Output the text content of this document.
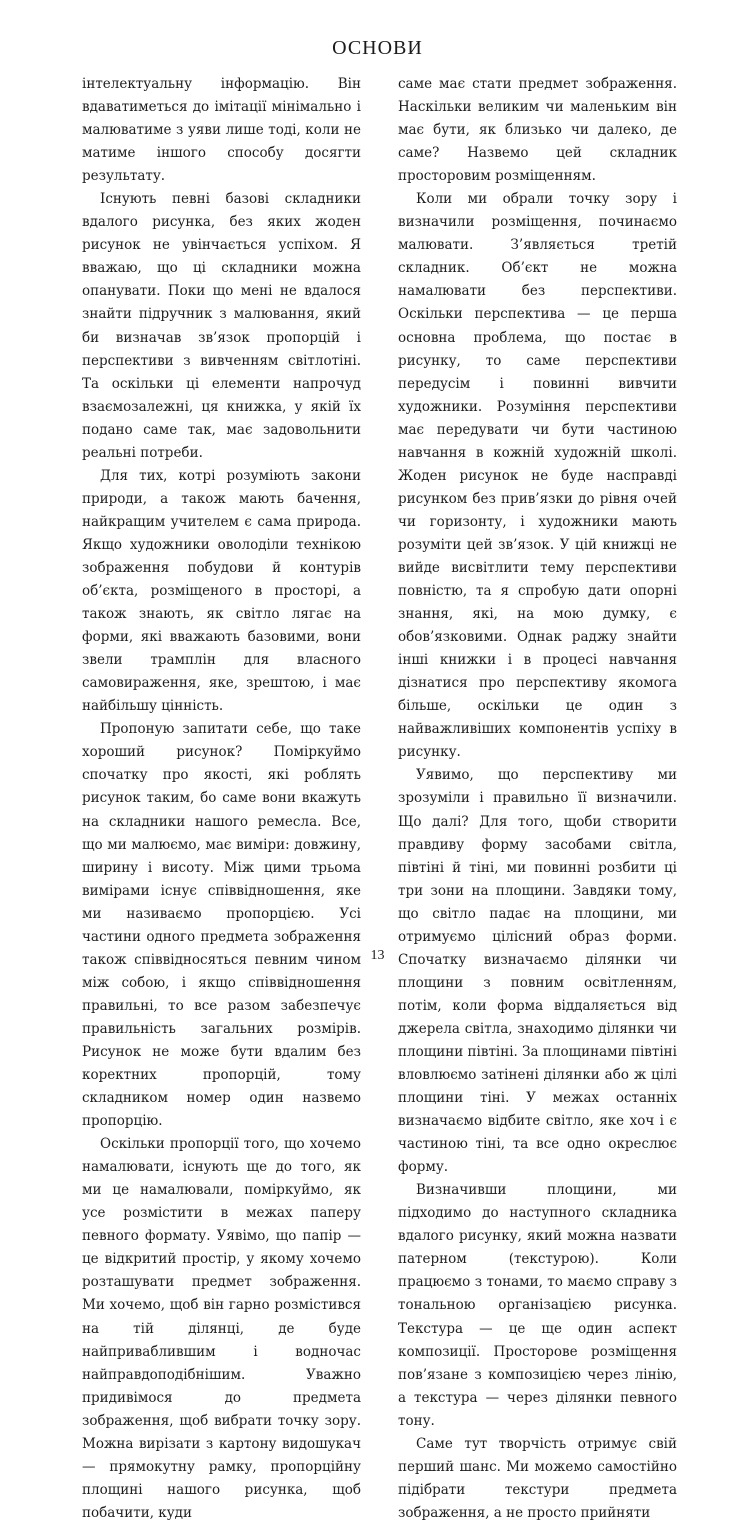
ОСНОВИ

інтелектуальну інформацію. Він вдаватиметься до імітації мінімально і малюватиме з уяви лише тоді, коли не матиме іншого способу досягти результату.

Існують певні базові складники вдалого рисунка, без яких жоден рисунок не увінчається успіхом. Я вважаю, що ці складники можна опанувати. Поки що мені не вдалося знайти підручник з малювання, який би визначав зв’язок пропорцій і перспективи з вивченням світлотіні. Та оскільки ці елементи напрочуд взаємозалежні, ця книжка, у якій їх подано саме так, має задовольнити реальні потреби.

Для тих, котрі розуміють закони природи, а також мають бачення, найкращим учителем є сама природа. Якщо художники оволоділи технікою зображення побудови й контурів об’єкта, розміщеного в просторі, а також знають, як світло лягає на форми, які вважають базовими, вони звели трамплін для власного самовираження, яке, зрештою, і має найбільшу цінність.

Пропоную запитати себе, що таке хороший рисунок? Поміркуймо спочатку про якості, які роблять рисунок таким, бо саме вони вкажуть на складники нашого ремесла. Все, що ми малюємо, має виміри: довжину, ширину і висоту. Між цими трьома вимірами існує співвідношення, яке ми називаємо пропорцією. Усі частини одного предмета зображення також співвідносяться певним чином між собою, і якщо співвідношення правильні, то все разом забезпечує правильність загальних розмірів. Рисунок не може бути вдалим без коректних пропорцій, тому складником номер один назвемо пропорцію.

Оскільки пропорції того, що хочемо намалювати, існують ще до того, як ми це намалювали, поміркуймо, як усе розмістити в межах паперу певного формату. Уявімо, що папір — це відкритий простір, у якому хочемо розташувати предмет зображення. Ми хочемо, щоб він гарно розмістився на тій ділянці, де буде найприваблившим і водночас найправдоподібнішим. Уважно придивімося до предмета зображення, щоб вибрати точку зору. Можна вирізати з картону видошукач — прямокутну рамку, пропорційну площині нашого рисунка, щоб побачити, куди

саме має стати предмет зображення. Наскільки великим чи маленьким він має бути, як близько чи далеко, де саме? Назвемо цей складник просторовим розміщенням.

Коли ми обрали точку зору і визначили розміщення, починаємо малювати. З’являється третій складник. Об’єкт не можна намалювати без перспективи. Оскільки перспектива — це перша основна проблема, що постає в рисунку, то саме перспективи передусім і повинні вивчити художники. Розуміння перспективи має передувати чи бути частиною навчання в кожній художній школі. Жоден рисунок не буде насправді рисунком без прив’язки до рівня очей чи горизонту, і художники мають розуміти цей зв’язок. У цій книжці не вийде висвітлити тему перспективи повністю, та я спробую дати опорні знання, які, на мою думку, є обов’язковими. Однак раджу знайти інші книжки і в процесі навчання дізнатися про перспективу якомога більше, оскільки це один з найважливіших компонентів успіху в рисунку.

Уявимо, що перспективу ми зрозуміли і правильно її визначили. Що далі? Для того, щоби створити правдиву форму засобами світла, півтіні й тіні, ми повинні розбити ці три зони на площини. Завдяки тому, що світло падає на площини, ми отримуємо цілісний образ форми. Спочатку визначаємо ділянки чи площини з повним освітленням, потім, коли форма віддаляється від джерела світла, знаходимо ділянки чи площини півтіні. За площинами півтіні вловлюємо затінені ділянки або ж цілі площини тіні. У межах останніх визначаємо відбите світло, яке хоч і є частиною тіні, та все одно окреслює форму.

Визначивши площини, ми підходимо до наступного складника вдалого рисунку, який можна назвати патерном (текстурою). Коли працюємо з тонами, то маємо справу з тональною організацією рисунка. Текстура — це ще один аспект композиції. Просторове розміщення пов’язане з композицією через лінію, а текстура — через ділянки певного тону.

Саме тут творчість отримує свій перший шанс. Ми можемо самостійно підібрати текстури предмета зображення, а не просто прийняти

13
